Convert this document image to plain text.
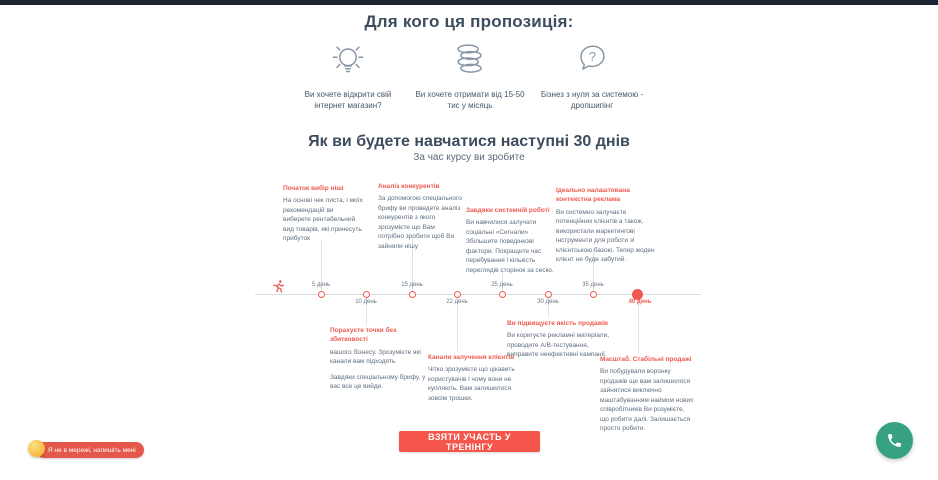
Для кого ця пропозиція:
Ви хочете відкрити свій інтернет магазин?
Ви хочете отримати від 15-50 тис у місяць
?
Бізнез з нуля за системою - дропшипінг
Як ви будете навчатися наступні 30 днів
За час курсу ви зробите
5 день
10 день
15 день
22 день
25 день
30 день
35 день
40 день
Початок вибір ніші
На основі чек листа, і моїх рекомендацій ви виберете рентабельний вид товарів, які принесуть прибуток
Аналіз конкурентів
За допомогою спеціального брифу ви проведете аналіз конкурентів з якого зрозумієте що Вам потрібно зробити щоб Ви зайняли нішу
Завдяки системній роботі
Ви навчилися залучати соціальні «Сигнали» Збільшите поведінкові фактори. Покращите час перебування і кількість переглядів сторінок за сесію.
Ідеально налаштована контекстна реклама
Ви системно залучаєте потенційних клієнтів а також, використали маркетингові інструменти для роботи зі клієнтською базою. Тепер жоден клієнт не буде забутий.
Порахуєте точки без збитковості
вашого бізнесу. Зрозумієте які канали вам підходять
Завдяки спеціальному брифу, у вас все це вийде.
Канали залучення клієнтів
Чітко зрозумієте що цікавить користувачів і чому вони не купляють. Вам залишилося зовсім трошки.
Ви підвищуєте якість продажів
Ви коригуєте рекламні матеріали, проводите А/В-тестування, виправите неефективні кампанії.
Масштаб. Стабільні продажі
Ви побудували воронку продажів ще вам залишилося зайнятися виключно маштабуванням наймом нових співробітників Ви розумієте, що робити далі. Залишається просто робити.
ВЗЯТИ УЧАСТЬ У ТРЕНІНГУ
Я не в мережі, напишіть мені
